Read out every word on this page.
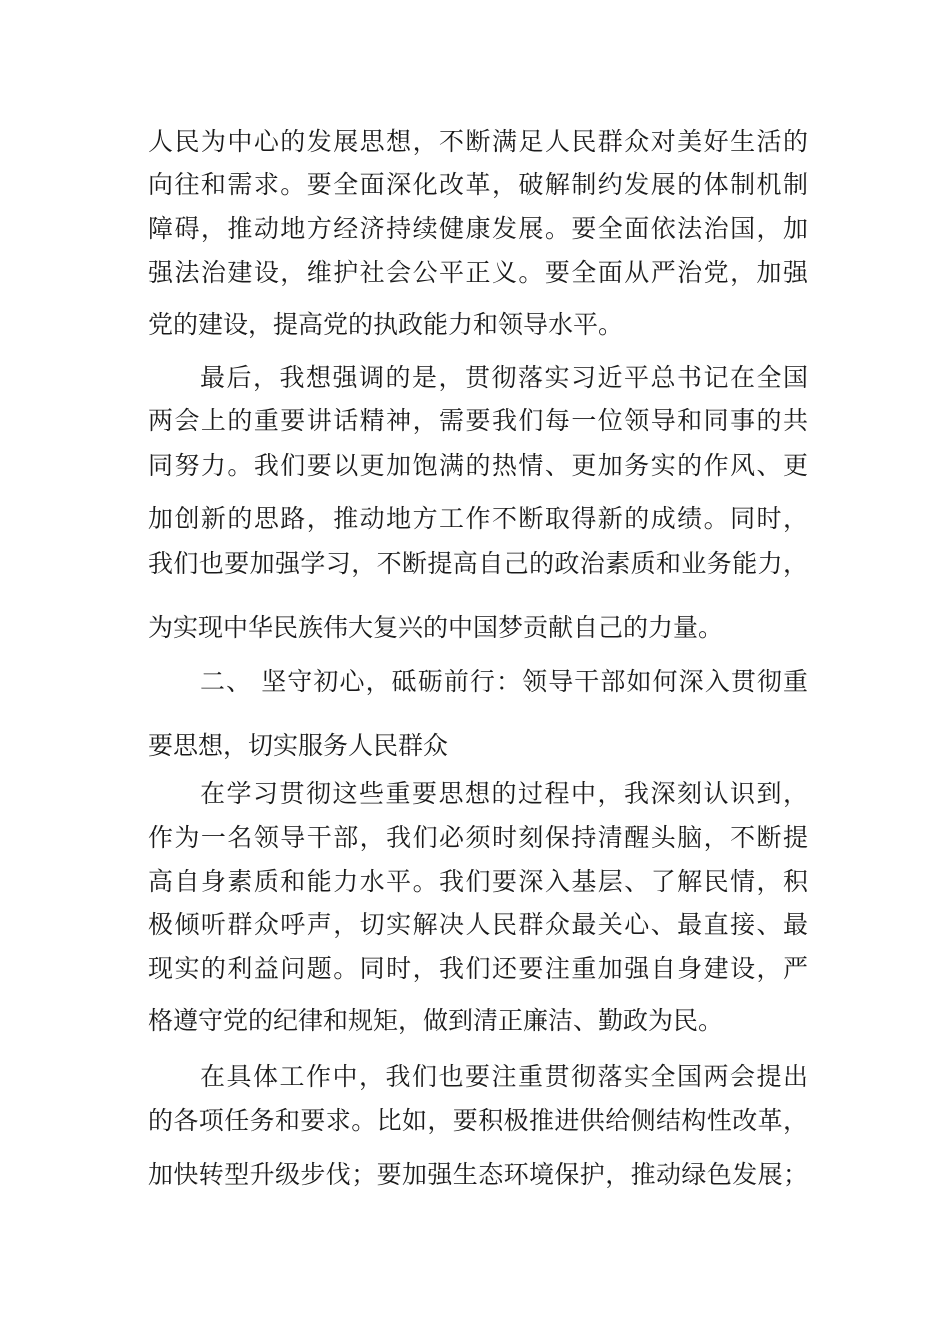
人民为中心的发展思想，不断满足人民群众对美好生活的
向往和需求。要全面深化改革，破解制约发展的体制机制
障碍，推动地方经济持续健康发展。要全面依法治国，加
强法治建设，维护社会公平正义。要全面从严治党，加强
党的建设，提高党的执政能力和领导水平。
最后，我想强调的是，贯彻落实习近平总书记在全国
两会上的重要讲话精神，需要我们每一位领导和同事的共
同努力。我们要以更加饱满的热情、更加务实的作风、更
加创新的思路，推动地方工作不断取得新的成绩。同时，
我们也要加强学习，不断提高自己的政治素质和业务能力，
为实现中华民族伟大复兴的中国梦贡献自己的力量。
二、 坚守初心，砥砺前行：领导干部如何深入贯彻重
要思想，切实服务人民群众
在学习贯彻这些重要思想的过程中，我深刻认识到，
作为一名领导干部，我们必须时刻保持清醒头脑，不断提
高自身素质和能力水平。我们要深入基层、了解民情，积
极倾听群众呼声，切实解决人民群众最关心、最直接、最
现实的利益问题。同时，我们还要注重加强自身建设，严
格遵守党的纪律和规矩，做到清正廉洁、勤政为民。
在具体工作中，我们也要注重贯彻落实全国两会提出
的各项任务和要求。比如，要积极推进供给侧结构性改革，
加快转型升级步伐；要加强生态环境保护，推动绿色发展；
